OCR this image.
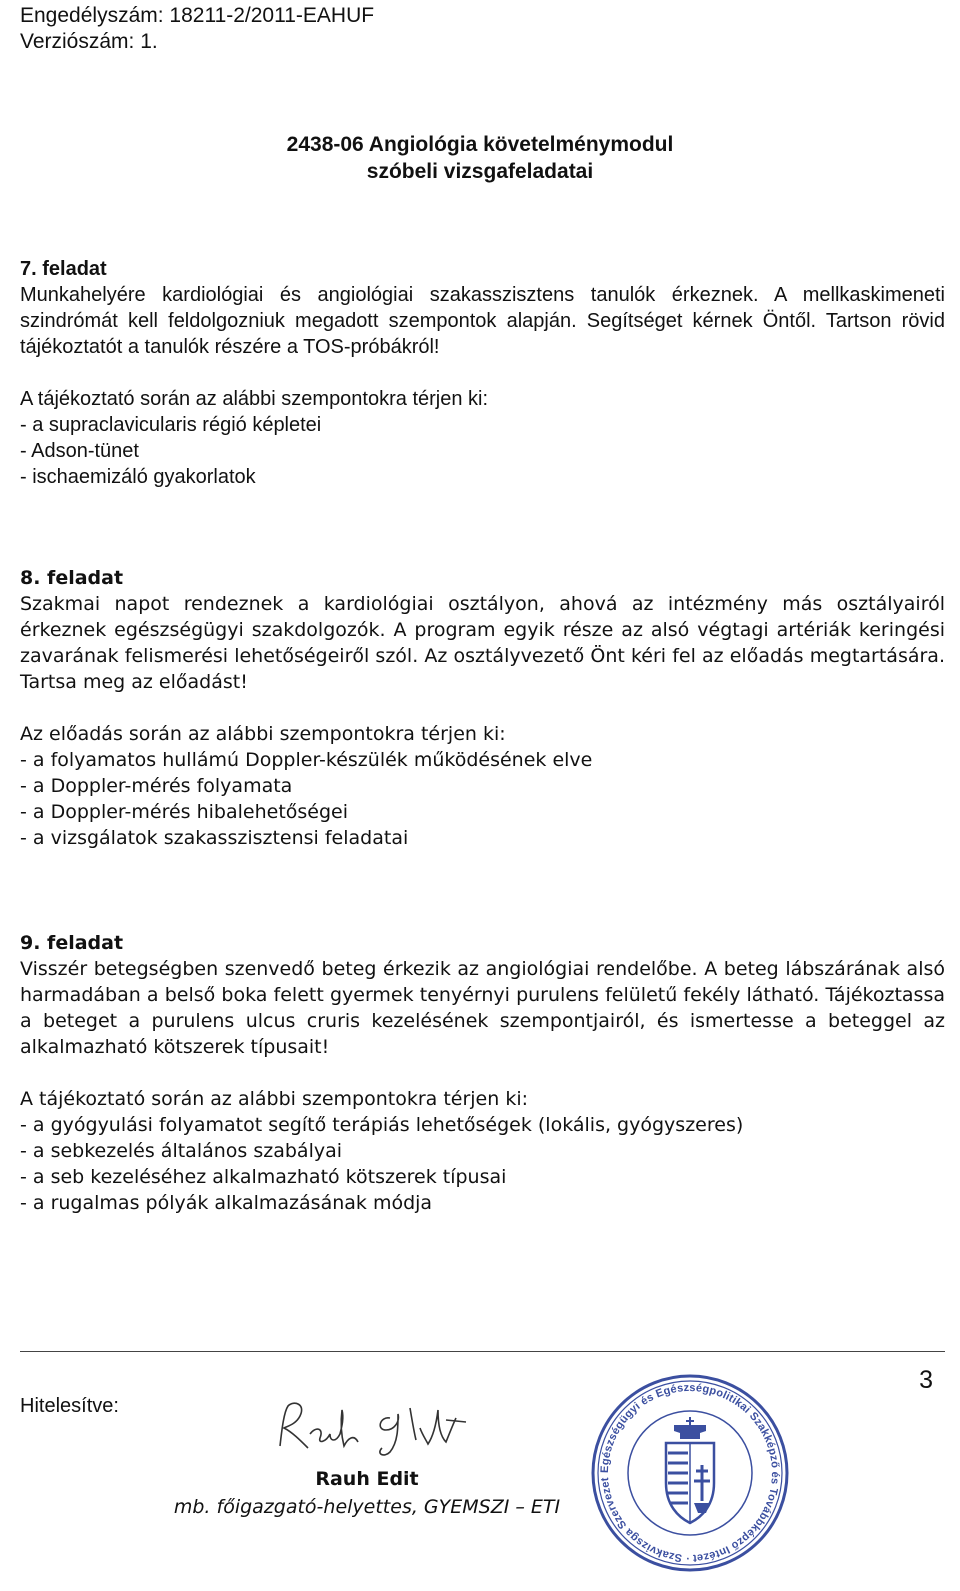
Engedélyszám: 18211-2/2011-EAHUF
Verziószám: 1.
2438-06 Angiológia követelménymodul
szóbeli vizsgafeladatai
7. feladat
Munkahelyére kardiológiai és angiológiai szakasszisztens tanulók érkeznek. A mellkaskimeneti szindrómát kell feldolgozniuk megadott szempontok alapján. Segítséget kérnek Öntől. Tartson rövid tájékoztatót a tanulók részére a TOS-próbákról!
A tájékoztató során az alábbi szempontokra térjen ki:
- a supraclavicularis régió képletei
- Adson-tünet
- ischaemizáló gyakorlatok
8. feladat
Szakmai napot rendeznek a kardiológiai osztályon, ahová az intézmény más osztályairól érkeznek egészségügyi szakdolgozók. A program egyik része az alsó végtagi artériák keringési zavarának felismerési lehetőségeiről szól. Az osztályvezető Önt kéri fel az előadás megtartására. Tartsa meg az előadást!
Az előadás során az alábbi szempontokra térjen ki:
- a folyamatos hullámú Doppler-készülék működésének elve
- a Doppler-mérés folyamata
- a Doppler-mérés hibalehetőségei
- a vizsgálatok szakasszisztensi feladatai
9. feladat
Visszér betegségben szenvedő beteg érkezik az angiológiai rendelőbe. A beteg lábszárának alsó harmadában a belső boka felett gyermek tenyérnyi purulens felületű fekély látható. Tájékoztassa a beteget a purulens ulcus cruris kezelésének szempontjairól, és ismertesse a beteggel az alkalmazható kötszerek típusait!
A tájékoztató során az alábbi szempontokra térjen ki:
- a gyógyulási folyamatot segítő terápiás lehetőségek (lokális, gyógyszeres)
- a sebkezelés általános szabályai
- a seb kezeléséhez alkalmazható kötszerek típusai
- a rugalmas pólyák alkalmazásának módja
3
Hitelesítve:
Rauh Edit
mb. főigazgató-helyettes, GYEMSZI – ETI
Egészségügyi és Egészségpolitikai Szakképző és Továbbképző Intézet · Szakvizsga Szervezet
